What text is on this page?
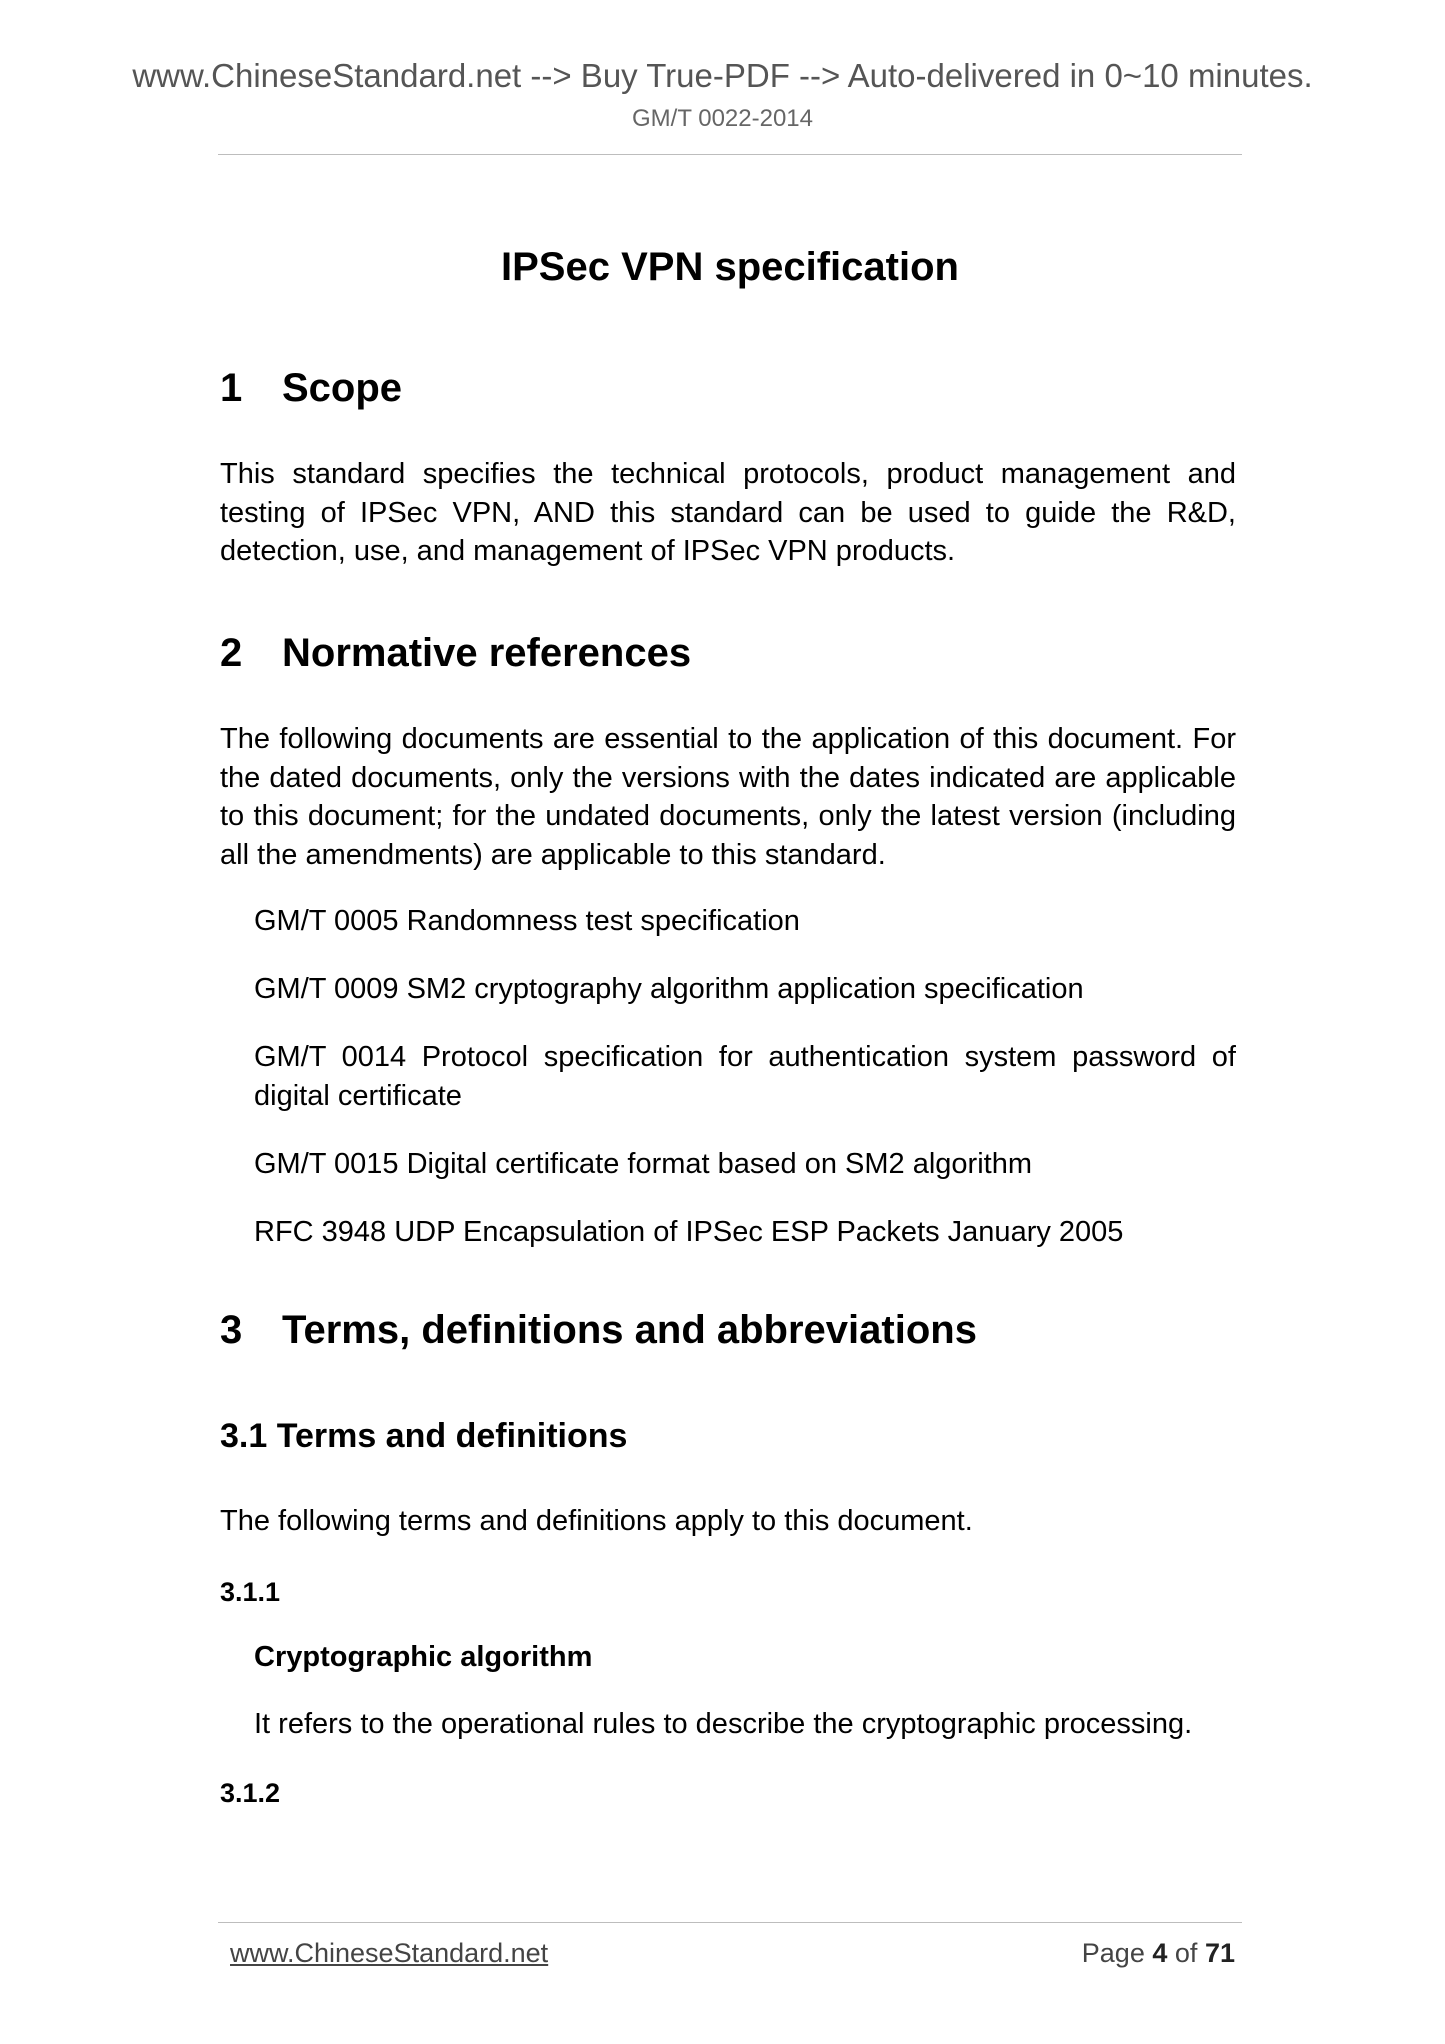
www.ChineseStandard.net --> Buy True-PDF --> Auto-delivered in 0~10 minutes.
GM/T 0022-2014
IPSec VPN specification
1 Scope

This standard specifies the technical protocols, product management and testing of IPSec VPN, AND this standard can be used to guide the R&D, detection, use, and management of IPSec VPN products.

2 Normative references

The following documents are essential to the application of this document. For the dated documents, only the versions with the dates indicated are applicable to this document; for the undated documents, only the latest version (including all the amendments) are applicable to this standard.

GM/T 0005 Randomness test specification
GM/T 0009 SM2 cryptography algorithm application specification
GM/T 0014 Protocol specification for authentication system password of digital certificate
GM/T 0015 Digital certificate format based on SM2 algorithm
RFC 3948 UDP Encapsulation of IPSec ESP Packets January 2005
3 Terms, definitions and abbreviations
3.1 Terms and definitions
The following terms and definitions apply to this document.
3.1.1
Cryptographic algorithm
It refers to the operational rules to describe the cryptographic processing.
3.1.2
www.ChineseStandard.net	Page 4 of 71
